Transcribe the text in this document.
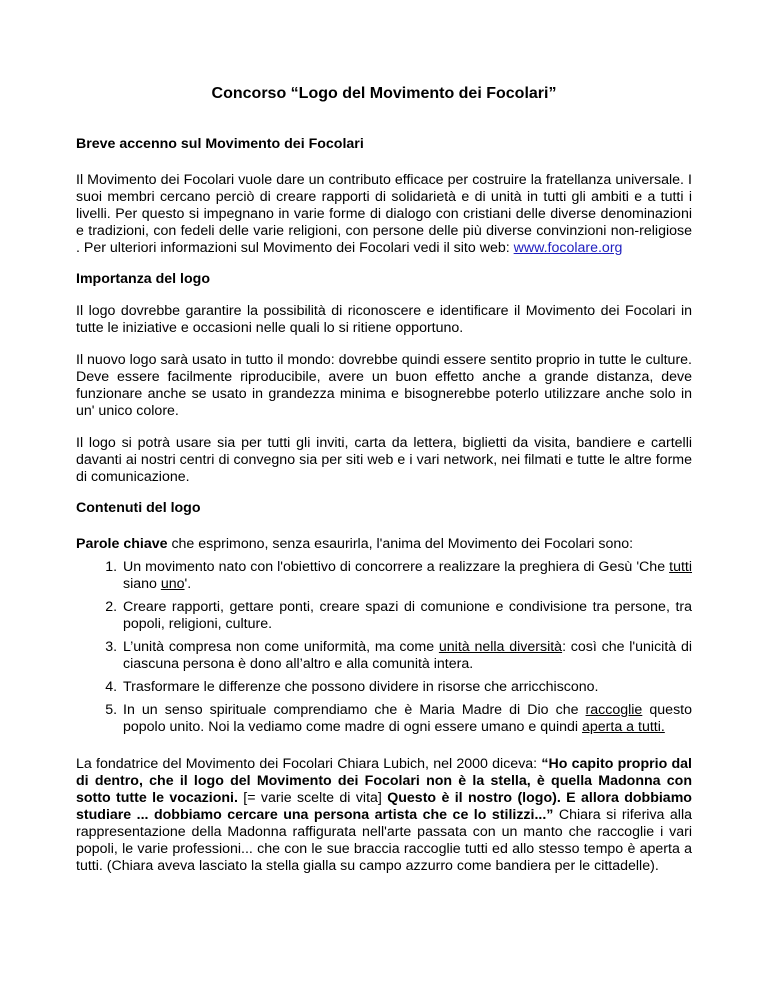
Concorso “Logo del Movimento dei Focolari”
Breve accenno sul Movimento dei Focolari

Il Movimento dei Focolari vuole dare un contributo efficace per costruire la fratellanza universale. I suoi membri cercano perciò di creare rapporti di solidarietà e di unità in tutti gli ambiti e a tutti i livelli. Per questo si impegnano in varie forme di dialogo con cristiani delle diverse denominazioni e tradizioni, con fedeli delle varie religioni, con persone delle più diverse convinzioni non-religiose . Per ulteriori informazioni sul Movimento dei Focolari vedi il sito web: www.focolare.org

Importanza del logo

Il logo dovrebbe garantire la possibilità di riconoscere e identificare il Movimento dei Focolari in tutte le iniziative e occasioni nelle quali lo si ritiene opportuno.

Il nuovo logo sarà usato in tutto il mondo: dovrebbe quindi essere sentito proprio in tutte le culture. Deve essere facilmente riproducibile, avere un buon effetto anche a grande distanza, deve funzionare anche se usato in grandezza minima e bisognerebbe poterlo utilizzare anche solo in un' unico colore.

Il logo si potrà usare sia per tutti gli inviti, carta da lettera, biglietti da visita, bandiere e cartelli davanti ai nostri centri di convegno sia per siti web e i vari network, nei filmati e tutte le altre forme di comunicazione.

Contenuti del logo

Parole chiave che esprimono, senza esaurirla, l'anima del Movimento dei Focolari sono:

1. Un movimento nato con l'obiettivo di concorrere a realizzare la preghiera di Gesù 'Che tutti siano uno'.
2. Creare rapporti, gettare ponti, creare spazi di comunione e condivisione tra persone, tra popoli, religioni, culture.
3. L’unità compresa non come uniformità, ma come unità nella diversità: così che l'unicità di ciascuna persona è dono all’altro e alla comunità intera.
4. Trasformare le differenze che possono dividere in risorse che arricchiscono.
5. In un senso spirituale comprendiamo che è Maria Madre di Dio che raccoglie questo popolo unito. Noi la vediamo come madre di ogni essere umano e quindi aperta a tutti.

La fondatrice del Movimento dei Focolari Chiara Lubich, nel 2000 diceva: “Ho capito proprio dal di dentro, che il logo del Movimento dei Focolari non è la stella, è quella Madonna con sotto tutte le vocazioni. [= varie scelte di vita] Questo è il nostro (logo). E allora dobbiamo studiare ... dobbiamo cercare una persona artista che ce lo stilizzi...” Chiara si riferiva alla rappresentazione della Madonna raffigurata nell'arte passata con un manto che raccoglie i vari popoli, le varie professioni... che con le sue braccia raccoglie tutti ed allo stesso tempo è aperta a tutti. (Chiara aveva lasciato la stella gialla su campo azzurro come bandiera per le cittadelle).
